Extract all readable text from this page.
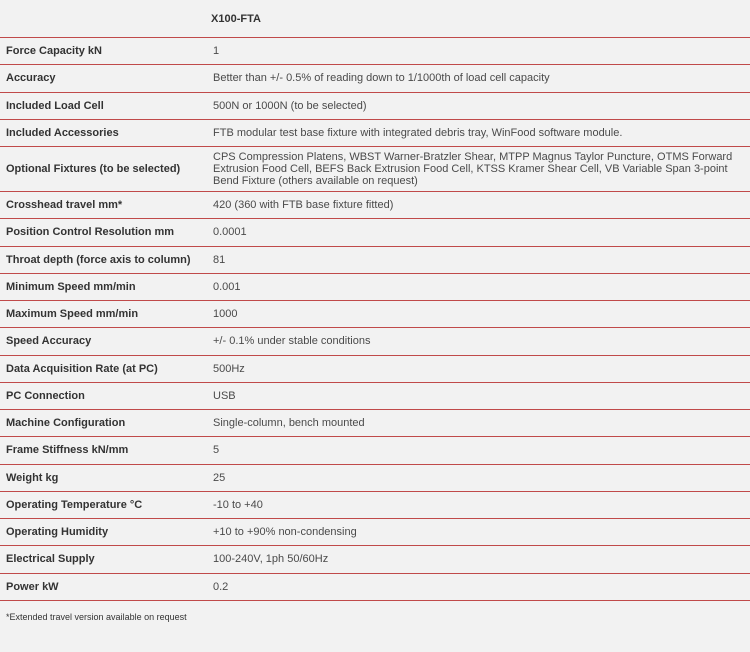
	X100-FTA
Force Capacity kN	1
Accuracy	Better than +/- 0.5% of reading down to 1/1000th of load cell capacity
Included Load Cell	500N or 1000N (to be selected)
Included Accessories	FTB modular test base fixture with integrated debris tray, WinFood software module.
Optional Fixtures (to be selected)	CPS Compression Platens, WBST Warner-Bratzler Shear, MTPP Magnus Taylor Puncture, OTMS Forward Extrusion Food Cell, BEFS Back Extrusion Food Cell, KTSS Kramer Shear Cell, VB Variable Span 3-point Bend Fixture (others available on request)
Crosshead travel mm*	420 (360 with FTB base fixture fitted)
Position Control Resolution mm	0.0001
Throat depth (force axis to column)	81
Minimum Speed mm/min	0.001
Maximum Speed mm/min	1000
Speed Accuracy	+/- 0.1% under stable conditions
Data Acquisition Rate (at PC)	500Hz
PC Connection	USB
Machine Configuration	Single-column, bench mounted
Frame Stiffness kN/mm	5
Weight kg	25
Operating Temperature °C	-10 to +40
Operating Humidity	+10 to +90% non-condensing
Electrical Supply	100-240V, 1ph 50/60Hz
Power kW	0.2
*Extended travel version available on request
